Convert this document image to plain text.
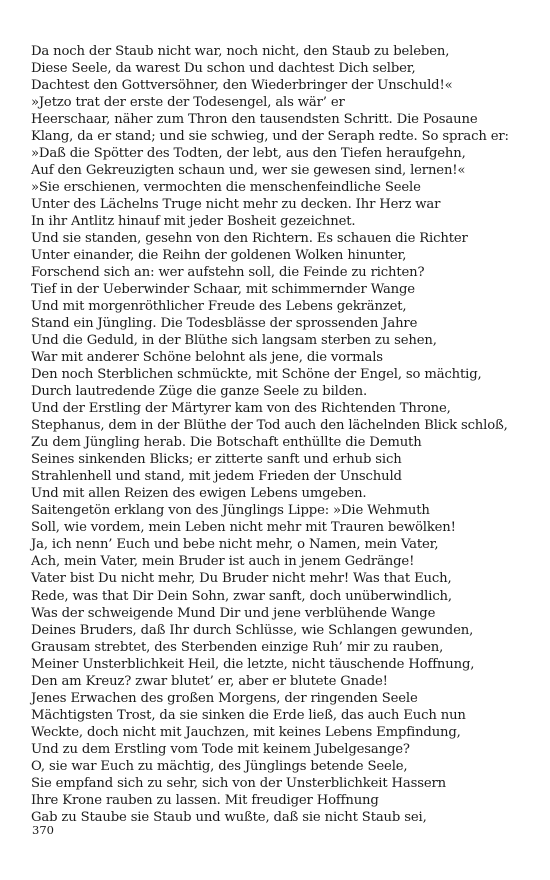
Da noch der Staub nicht war, noch nicht, den Staub zu beleben,
Diese Seele, da warest Du schon und dachtest Dich selber,
Dachtest den Gottversöhner, den Wiederbringer der Unschuld!«
»Jetzo trat der erste der Todesengel, als wär’ er
Heerschaar, näher zum Thron den tausendsten Schritt. Die Posaune
Klang, da er stand; und sie schwieg, und der Seraph redte. So sprach er:
»Daß die Spötter des Todten, der lebt, aus den Tiefen heraufgehn,
Auf den Gekreuzigten schaun und, wer sie gewesen sind, lernen!«
»Sie erschienen, vermochten die menschenfeindliche Seele
Unter des Lächelns Truge nicht mehr zu decken. Ihr Herz war
In ihr Antlitz hinauf mit jeder Bosheit gezeichnet.
Und sie standen, gesehn von den Richtern. Es schauen die Richter
Unter einander, die Reihn der goldenen Wolken hinunter,
Forschend sich an: wer aufstehn soll, die Feinde zu richten?
Tief in der Ueberwinder Schaar, mit schimmernder Wange
Und mit morgenröthlicher Freude des Lebens gekränzet,
Stand ein Jüngling. Die Todesblässe der sprossenden Jahre
Und die Geduld, in der Blüthe sich langsam sterben zu sehen,
War mit anderer Schöne belohnt als jene, die vormals
Den noch Sterblichen schmückte, mit Schöne der Engel, so mächtig,
Durch lautredende Züge die ganze Seele zu bilden.
Und der Erstling der Märtyrer kam von des Richtenden Throne,
Stephanus, dem in der Blüthe der Tod auch den lächelnden Blick schloß,
Zu dem Jüngling herab. Die Botschaft enthüllte die Demuth
Seines sinkenden Blicks; er zitterte sanft und erhub sich
Strahlenhell und stand, mit jedem Frieden der Unschuld
Und mit allen Reizen des ewigen Lebens umgeben.
Saitengetön erklang von des Jünglings Lippe: »Die Wehmuth
Soll, wie vordem, mein Leben nicht mehr mit Trauren bewölken!
Ja, ich nenn’ Euch und bebe nicht mehr, o Namen, mein Vater,
Ach, mein Vater, mein Bruder ist auch in jenem Gedränge!
Vater bist Du nicht mehr, Du Bruder nicht mehr! Was that Euch,
Rede, was that Dir Dein Sohn, zwar sanft, doch unüberwindlich,
Was der schweigende Mund Dir und jene verblühende Wange
Deines Bruders, daß Ihr durch Schlüsse, wie Schlangen gewunden,
Grausam strebtet, des Sterbenden einzige Ruh’ mir zu rauben,
Meiner Unsterblichkeit Heil, die letzte, nicht täuschende Hoffnung,
Den am Kreuz? zwar blutet’ er, aber er blutete Gnade!
Jenes Erwachen des großen Morgens, der ringenden Seele
Mächtigsten Trost, da sie sinken die Erde ließ, das auch Euch nun
Weckte, doch nicht mit Jauchzen, mit keines Lebens Empfindung,
Und zu dem Erstling vom Tode mit keinem Jubelgesange?
O, sie war Euch zu mächtig, des Jünglings betende Seele,
Sie empfand sich zu sehr, sich von der Unsterblichkeit Hassern
Ihre Krone rauben zu lassen. Mit freudiger Hoffnung
Gab zu Staube sie Staub und wußte, daß sie nicht Staub sei,
370
